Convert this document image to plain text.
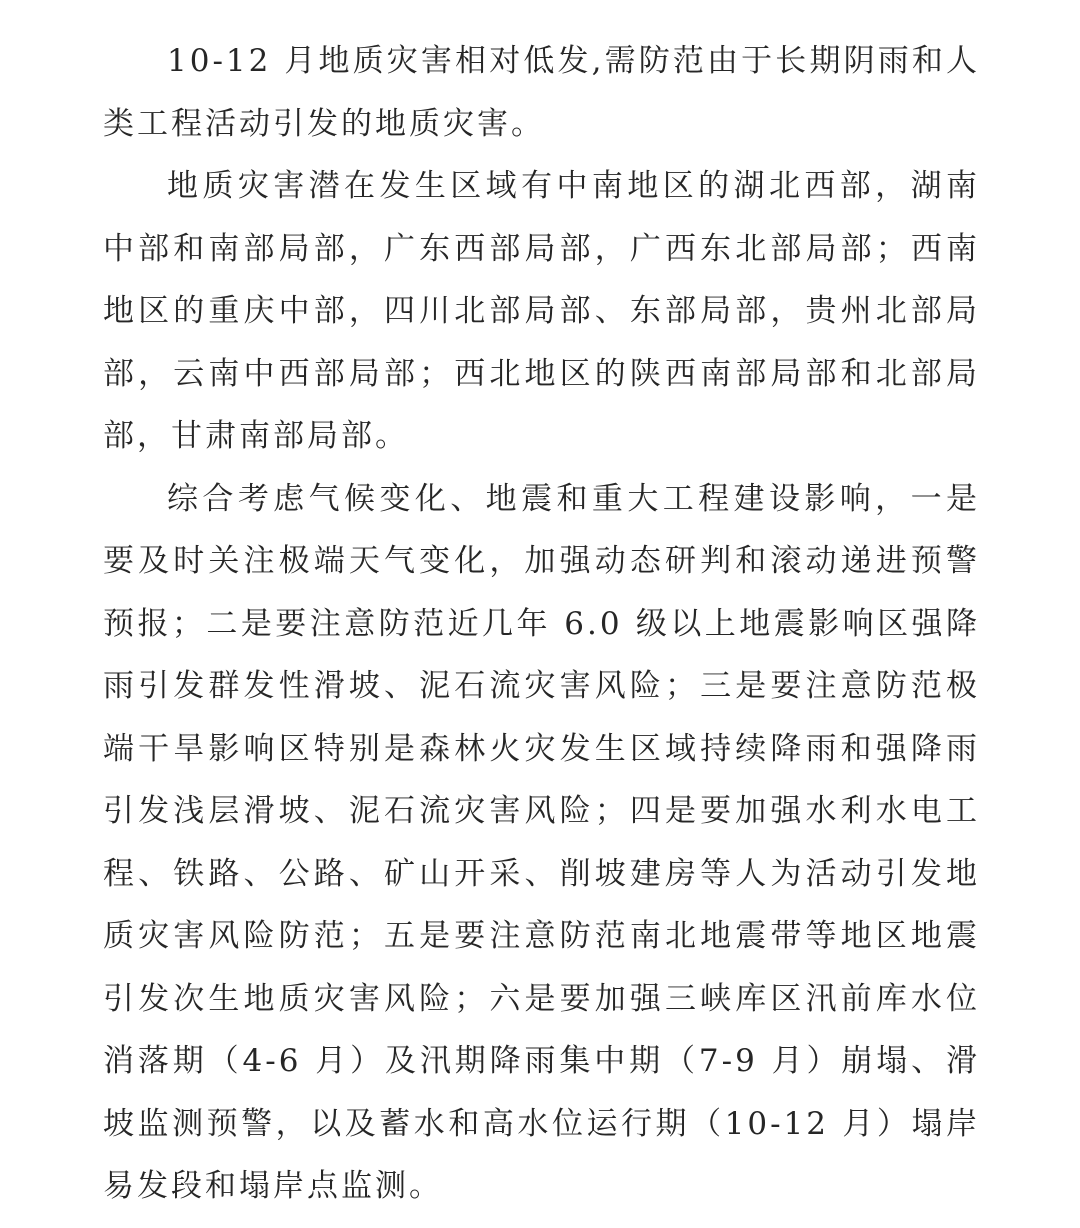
10-12 月地质灾害相对低发,需防范由于长期阴雨和人类工程活动引发的地质灾害。

地质灾害潜在发生区域有中南地区的湖北西部，湖南中部和南部局部，广东西部局部，广西东北部局部；西南地区的重庆中部，四川北部局部、东部局部，贵州北部局部，云南中西部局部；西北地区的陕西南部局部和北部局部，甘肃南部局部。

综合考虑气候变化、地震和重大工程建设影响，一是要及时关注极端天气变化，加强动态研判和滚动递进预警预报；二是要注意防范近几年 6.0 级以上地震影响区强降雨引发群发性滑坡、泥石流灾害风险；三是要注意防范极端干旱影响区特别是森林火灾发生区域持续降雨和强降雨引发浅层滑坡、泥石流灾害风险；四是要加强水利水电工程、铁路、公路、矿山开采、削坡建房等人为活动引发地质灾害风险防范；五是要注意防范南北地震带等地区地震引发次生地质灾害风险；六是要加强三峡库区汛前库水位消落期（4-6 月）及汛期降雨集中期（7-9 月）崩塌、滑坡监测预警，以及蓄水和高水位运行期（10-12 月）塌岸易发段和塌岸点监测。
